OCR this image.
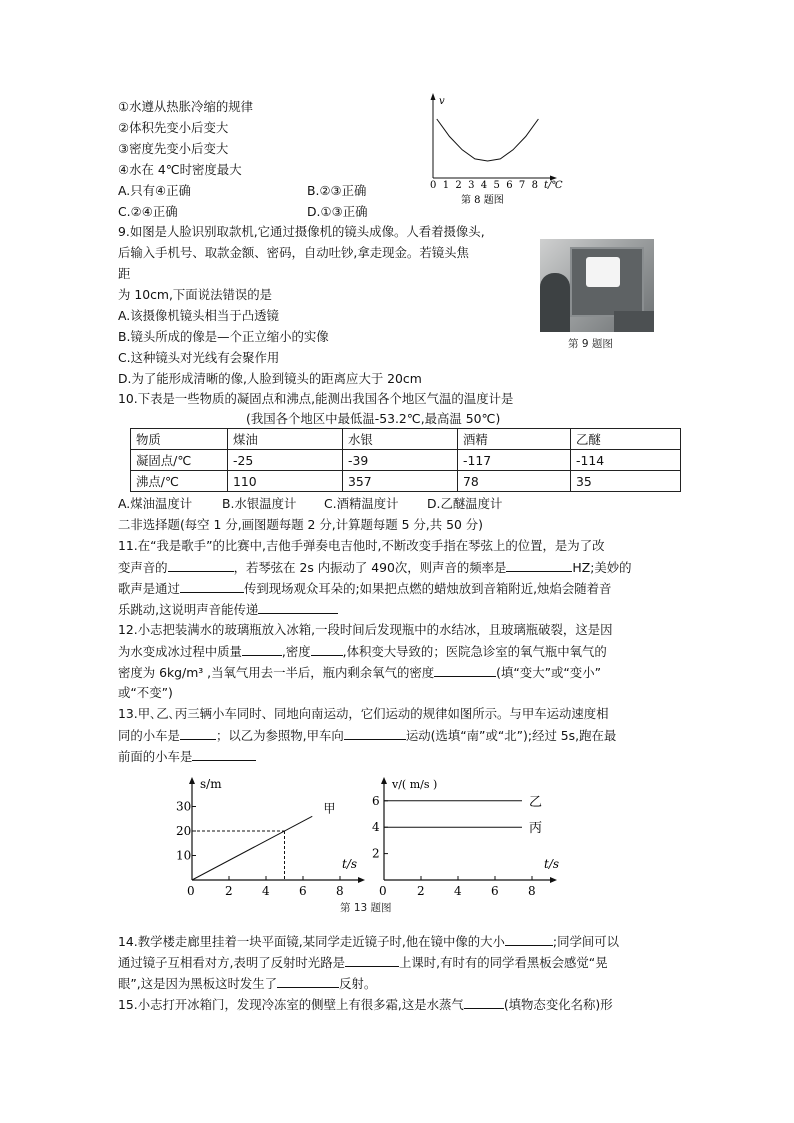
①水遵从热胀冷缩的规律
②体积先变小后变大
③密度先变小后变大
④水在 4℃时密度最大
A.只有④正确	B.②③正确
C.②④正确	D.①③正确
v
0 1 2 3 4 5 6 7 8 t/℃
第 8 题图
9.如图是人脸识别取款机,它通过摄像机的镜头成像。人看着摄像头,
后输入手机号、取款金额、密码，自动吐钞,拿走现金。若镜头焦
距
为 10cm,下面说法错误的是
A.该摄像机镜头相当于凸透镜
B.镜头所成的像是—个正立缩小的实像
C.这种镜头对光线有会聚作用
D.为了能形成清晰的像,人脸到镜头的距离应大于 20cm
第 9 题图
10.下表是一些物质的凝固点和沸点,能测出我国各个地区气温的温度计是
(我国各个地区中最低温-53.2℃,最高温 50℃)
物质	煤油	水银	酒精	乙醚
凝固点/℃	-25	-39	-117	-114
沸点/℃	110	357	78	35
A.煤油温度计 B.水银温度计 C.酒精温度计 D.乙醚温度计
二非选择题(每空 1 分,画图题每题 2 分,计算题每题 5 分,共 50 分)
11.在“我是歌手”的比赛中,吉他手弹奏电吉他时,不断改变手指在琴弦上的位置，是为了改
变声音的	，若琴弦在 2s 内振动了 490次，则声音的频率是	HZ;美妙的
歌声是通过	传到现场观众耳朵的;如果把点燃的蜡烛放到音箱附近,烛焰会随着音
乐跳动,这说明声音能传递
12.小志把装满水的玻璃瓶放入冰箱,一段时间后发现瓶中的水结冰，且玻璃瓶破裂，这是因
为水变成冰过程中质量	,密度	,体积变大导致的；医院急诊室的氧气瓶中氧气的
密度为 6kg/m³ ,当氧气用去一半后，瓶内剩余氧气的密度	(填“变大”或“变小”
或“不变”)
13.甲､乙､丙三辆小车同时、同地向南运动，它们运动的规律如图所示。与甲车运动速度相
同的小车是	；以乙为参照物,甲车向	运动(选填“南”或“北”);经过 5s,跑在最
前面的小车是
s/m
t/s
0	2 4 6 8
30
20
10
甲
v/( m/s )
t/s
0	2 4 6 8
6
4
2
乙
丙
第 13 题图
14.教学楼走廊里挂着一块平面镜,某同学走近镜子时,他在镜中像的大小	;同学间可以
通过镜子互相看对方,表明了反射时光路是	上课时,有时有的同学看黑板会感觉“晃
眼”,这是因为黑板这时发生了	反射。
15.小志打开冰箱门，发现冷冻室的侧壁上有很多霜,这是水蒸气	(填物态变化名称)形
